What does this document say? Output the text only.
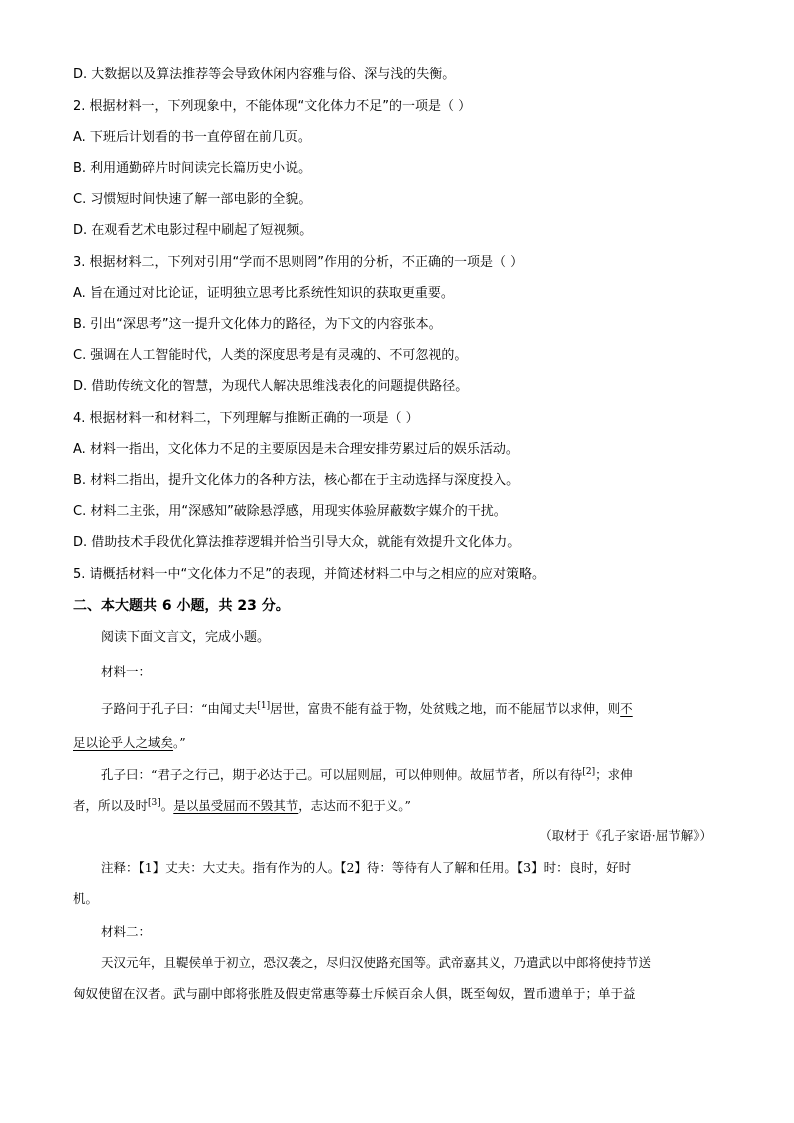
D. 大数据以及算法推荐等会导致休闲内容雅与俗、深与浅的失衡。
2. 根据材料一，下列现象中，不能体现“文化体力不足”的一项是（ ）
A. 下班后计划看的书一直停留在前几页。
B. 利用通勤碎片时间读完长篇历史小说。
C. 习惯短时间快速了解一部电影的全貌。
D. 在观看艺术电影过程中刷起了短视频。
3. 根据材料二，下列对引用“学而不思则罔”作用的分析，不正确的一项是（ ）
A. 旨在通过对比论证，证明独立思考比系统性知识的获取更重要。
B. 引出“深思考”这一提升文化体力的路径，为下文的内容张本。
C. 强调在人工智能时代，人类的深度思考是有灵魂的、不可忽视的。
D. 借助传统文化的智慧，为现代人解决思维浅表化的问题提供路径。
4. 根据材料一和材料二，下列理解与推断正确的一项是（ ）
A. 材料一指出，文化体力不足的主要原因是未合理安排劳累过后的娱乐活动。
B. 材料二指出，提升文化体力的各种方法，核心都在于主动选择与深度投入。
C. 材料二主张，用“深感知”破除悬浮感，用现实体验屏蔽数字媒介的干扰。
D. 借助技术手段优化算法推荐逻辑并恰当引导大众，就能有效提升文化体力。
5. 请概括材料一中“文化体力不足”的表现，并简述材料二中与之相应的应对策略。
二、本大题共 6 小题，共 23 分。
阅读下面文言文，完成小题。
材料一：
子路问于孔子曰：“由闻丈夫[1]居世，富贵不能有益于物，处贫贱之地，而不能屈节以求伸，则不
足以论乎人之域矣。”
孔子曰：“君子之行己，期于必达于己。可以屈则屈，可以伸则伸。故屈节者，所以有待[2]；求伸
者，所以及时[3]。是以虽受屈而不毁其节，志达而不犯于义。”
（取材于《孔子家语·屈节解》）
注释：【1】丈夫：大丈夫。指有作为的人。【2】待：等待有人了解和任用。【3】时：良时，好时
机。
材料二：
天汉元年，且鞮侯单于初立，恐汉袭之，尽归汉使路充国等。武帝嘉其义，乃遣武以中郎将使持节送
匈奴使留在汉者。武与副中郎将张胜及假吏常惠等募士斥候百余人俱，既至匈奴，置币遗单于；单于益
